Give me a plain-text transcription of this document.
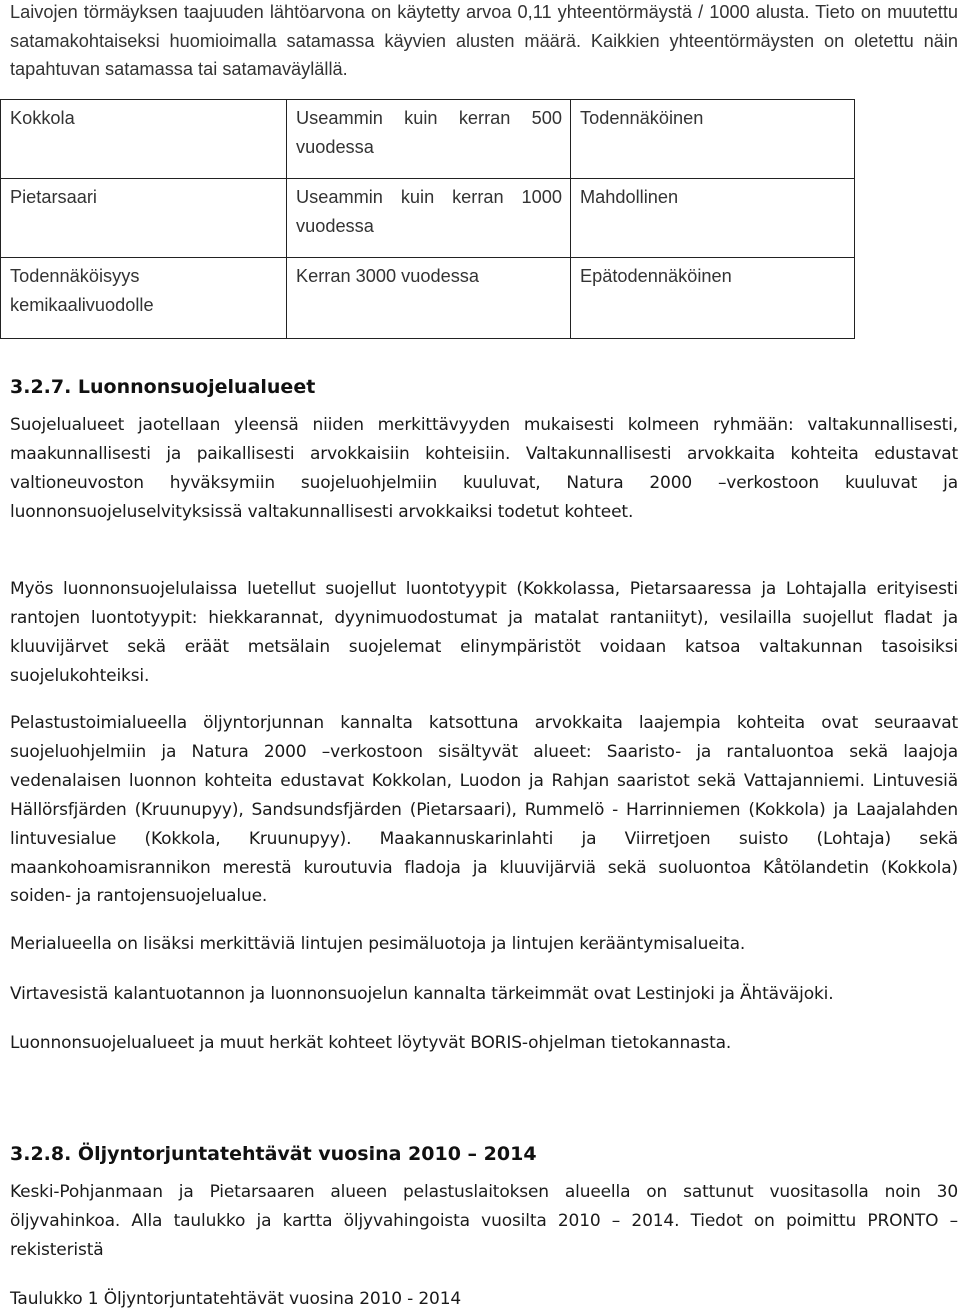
Laivojen törmäyksen taajuuden lähtöarvona on käytetty arvoa 0,11 yhteentörmäystä / 1000 alusta. Tieto on muutettu satamakohtaiseksi huomioimalla satamassa käyvien alusten määrä. Kaikkien yhteentörmäysten on oletettu näin tapahtuvan satamassa tai satamaväylällä.

Kokkola	Useammin kuin kerran 500 vuodessa	Todennäköinen
Pietarsaari	Useammin kuin kerran 1000 vuodessa	Mahdollinen
Todennäköisyys kemikaalivuodolle	Kerran 3000 vuodessa	Epätodennäköinen
3.2.7. Luonnonsuojelualueet

Suojelualueet jaotellaan yleensä niiden merkittävyyden mukaisesti kolmeen ryhmään: valtakunnallisesti, maakunnallisesti ja paikallisesti arvokkaisiin kohteisiin. Valtakunnallisesti arvokkaita kohteita edustavat valtioneuvoston hyväksymiin suojeluohjelmiin kuuluvat, Natura 2000 –verkostoon kuuluvat ja luonnonsuojeluselvityksissä valtakunnallisesti arvokkaiksi todetut kohteet.

Myös luonnonsuojelulaissa luetellut suojellut luontotyypit (Kokkolassa, Pietarsaaressa ja Lohtajalla erityisesti rantojen luontotyypit: hiekkarannat, dyynimuodostumat ja matalat rantaniityt), vesilailla suojellut fladat ja kluuvijärvet sekä eräät metsälain suojelemat elinympäristöt voidaan katsoa valtakunnan tasoisiksi suojelukohteiksi.

Pelastustoimialueella öljyntorjunnan kannalta katsottuna arvokkaita laajempia kohteita ovat seuraavat suojeluohjelmiin ja Natura 2000 –verkostoon sisältyvät alueet: Saaristo- ja rantaluontoa sekä laajoja vedenalaisen luonnon kohteita edustavat Kokkolan, Luodon ja Rahjan saaristot sekä Vattajanniemi. Lintuvesiä Hällörsfjärden (Kruunupyy), Sandsundsfjärden (Pietarsaari), Rummelö - Harrinniemen (Kokkola) ja Laajalahden lintuvesialue (Kokkola, Kruunupyy). Maakannuskarinlahti ja Viirretjoen suisto (Lohtaja) sekä maankohoamisrannikon merestä kuroutuvia fladoja ja kluuvijärviä sekä suoluontoa Kåtölandetin (Kokkola) soiden- ja rantojensuojelualue.

Merialueella on lisäksi merkittäviä lintujen pesimäluotoja ja lintujen kerääntymisalueita.

Virtavesistä kalantuotannon ja luonnonsuojelun kannalta tärkeimmät ovat Lestinjoki ja Ähtäväjoki.

Luonnonsuojelualueet ja muut herkät kohteet löytyvät BORIS-ohjelman tietokannasta.

3.2.8. Öljyntorjuntatehtävät vuosina 2010 – 2014

Keski-Pohjanmaan ja Pietarsaaren alueen pelastuslaitoksen alueella on sattunut vuositasolla noin 30 öljyvahinkoa. Alla taulukko ja kartta öljyvahingoista vuosilta 2010 – 2014. Tiedot on poimittu PRONTO – rekisteristä

Taulukko 1 Öljyntorjuntatehtävät vuosina 2010 - 2014
